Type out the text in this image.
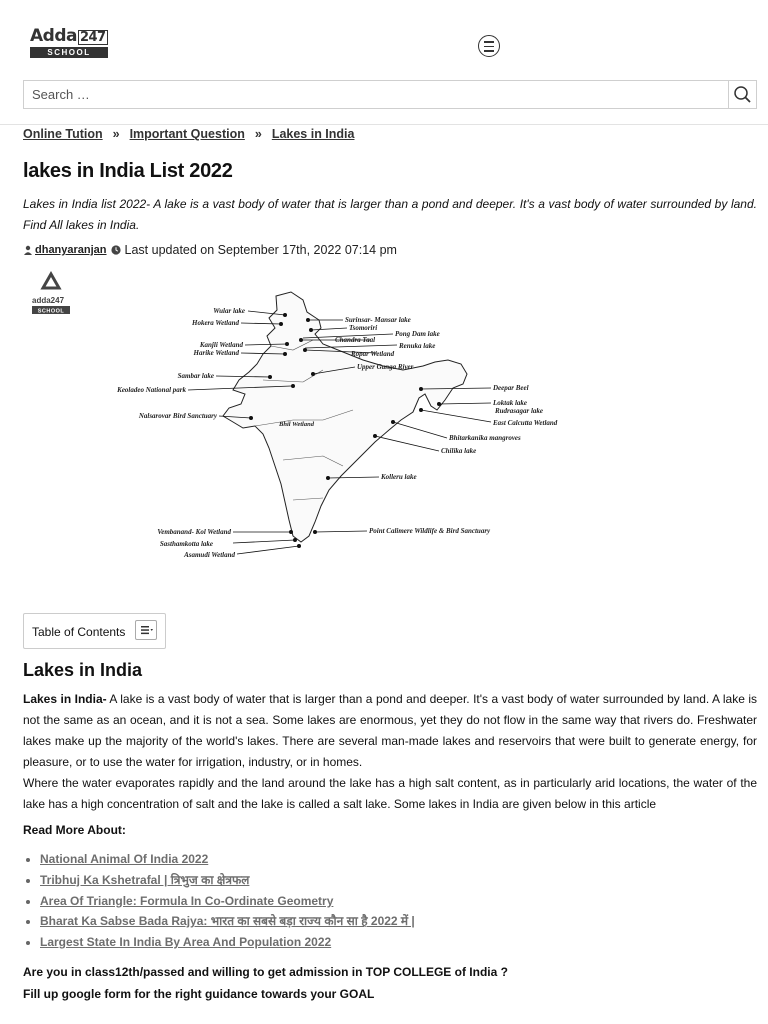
Adda 247
SCHOOL
Search …
Online Tution » Important Question » Lakes in India
lakes in India List 2022

Lakes in India list 2022- A lake is a vast body of water that is larger than a pond and deeper. It's a vast body of water surrounded by land. Find All lakes in India.

dhanyaranjan Last updated on September 17th, 2022 07:14 pm
adda247
SCHOOL	Wular lake
Hokera Wetland
Kanjli Wetland
Harike Wetland
Sambar lake
Keoladeo National park
Nalsarovar Bird Sanctuary
Vembanand- Kol Wetland
Sasthamkotta lake
Asamudi Wetland
Bhil Wetland
Surinsar- Mansar lake
Tsomoriri
Pong Dam lake
Chandra Taal
Renuka lake
Ropar Wetland
Upper Ganga River
Deepar Beel
Loktak lake
Rudrasagar lake
East Calcutta Wetland
Bhitarkanika mangroves
Chilika lake
Kolleru lake
Point Calimere Wildlife & Bird Sanctuary
Table of Contents
Lakes in India

Lakes in India- A lake is a vast body of water that is larger than a pond and deeper. It's a vast body of water surrounded by land. A lake is not the same as an ocean, and it is not a sea. Some lakes are enormous, yet they do not flow in the same way that rivers do. Freshwater lakes make up the majority of the world's lakes. There are several man-made lakes and reservoirs that were built to generate energy, for pleasure, or to use the water for irrigation, industry, or in homes.
Where the water evaporates rapidly and the land around the lake has a high salt content, as in particularly arid locations, the water of the lake has a high concentration of salt and the lake is called a salt lake. Some lakes in India are given below in this article

Read More About:

• National Animal Of India 2022
• Tribhuj Ka Kshetrafal | त्रिभुज का क्षेत्रफल
• Area Of Triangle: Formula In Co-Ordinate Geometry
• Bharat Ka Sabse Bada Rajya: भारत का सबसे बड़ा राज्य कौन सा है 2022 में |
• Largest State In India By Area And Population 2022

Are you in class12th/passed and willing to get admission in TOP COLLEGE of India ?
Fill up google form for the right guidance towards your GOAL
